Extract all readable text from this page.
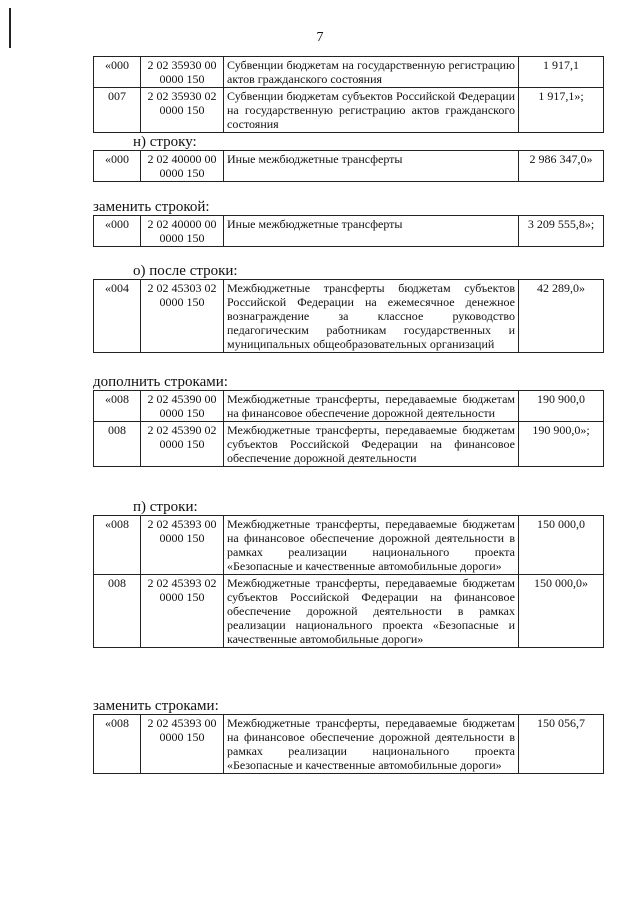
7
«000	2 02 35930 00 0000 150	Субвенции бюджетам на государственную регистрацию актов гражданского состояния	1 917,1
007	2 02 35930 02 0000 150	Субвенции бюджетам субъектов Российской Федерации на государственную регистрацию актов гражданского состояния	1 917,1»;
н) строку:
«000	2 02 40000 00 0000 150	Иные межбюджетные трансферты	2 986 347,0»
заменить строкой:
«000	2 02 40000 00 0000 150	Иные межбюджетные трансферты	3 209 555,8»;
о) после строки:
«004	2 02 45303 02 0000 150	Межбюджетные трансферты бюджетам субъектов Российской Федерации на ежемесячное денежное вознаграждение за классное руководство педагогическим работникам государственных и муниципальных общеобразовательных организаций	42 289,0»
дополнить строками:
«008	2 02 45390 00 0000 150	Межбюджетные трансферты, передаваемые бюджетам на финансовое обеспечение дорожной деятельности	190 900,0
008	2 02 45390 02 0000 150	Межбюджетные трансферты, передаваемые бюджетам субъектов Российской Федерации на финансовое обеспечение дорожной деятельности	190 900,0»;
п) строки:
«008	2 02 45393 00 0000 150	Межбюджетные трансферты, передаваемые бюджетам на финансовое обеспечение дорожной деятельности в рамках реализации национального проекта «Безопасные и качественные автомобильные дороги»	150 000,0
008	2 02 45393 02 0000 150	Межбюджетные трансферты, передаваемые бюджетам субъектов Российской Федерации на финансовое обеспечение дорожной деятельности в рамках реализации национального проекта «Безопасные и качественные автомобильные дороги»	150 000,0»
заменить строками:
«008	2 02 45393 00 0000 150	Межбюджетные трансферты, передаваемые бюджетам на финансовое обеспечение дорожной деятельности в рамках реализации национального проекта «Безопасные и качественные автомобильные дороги»	150 056,7
